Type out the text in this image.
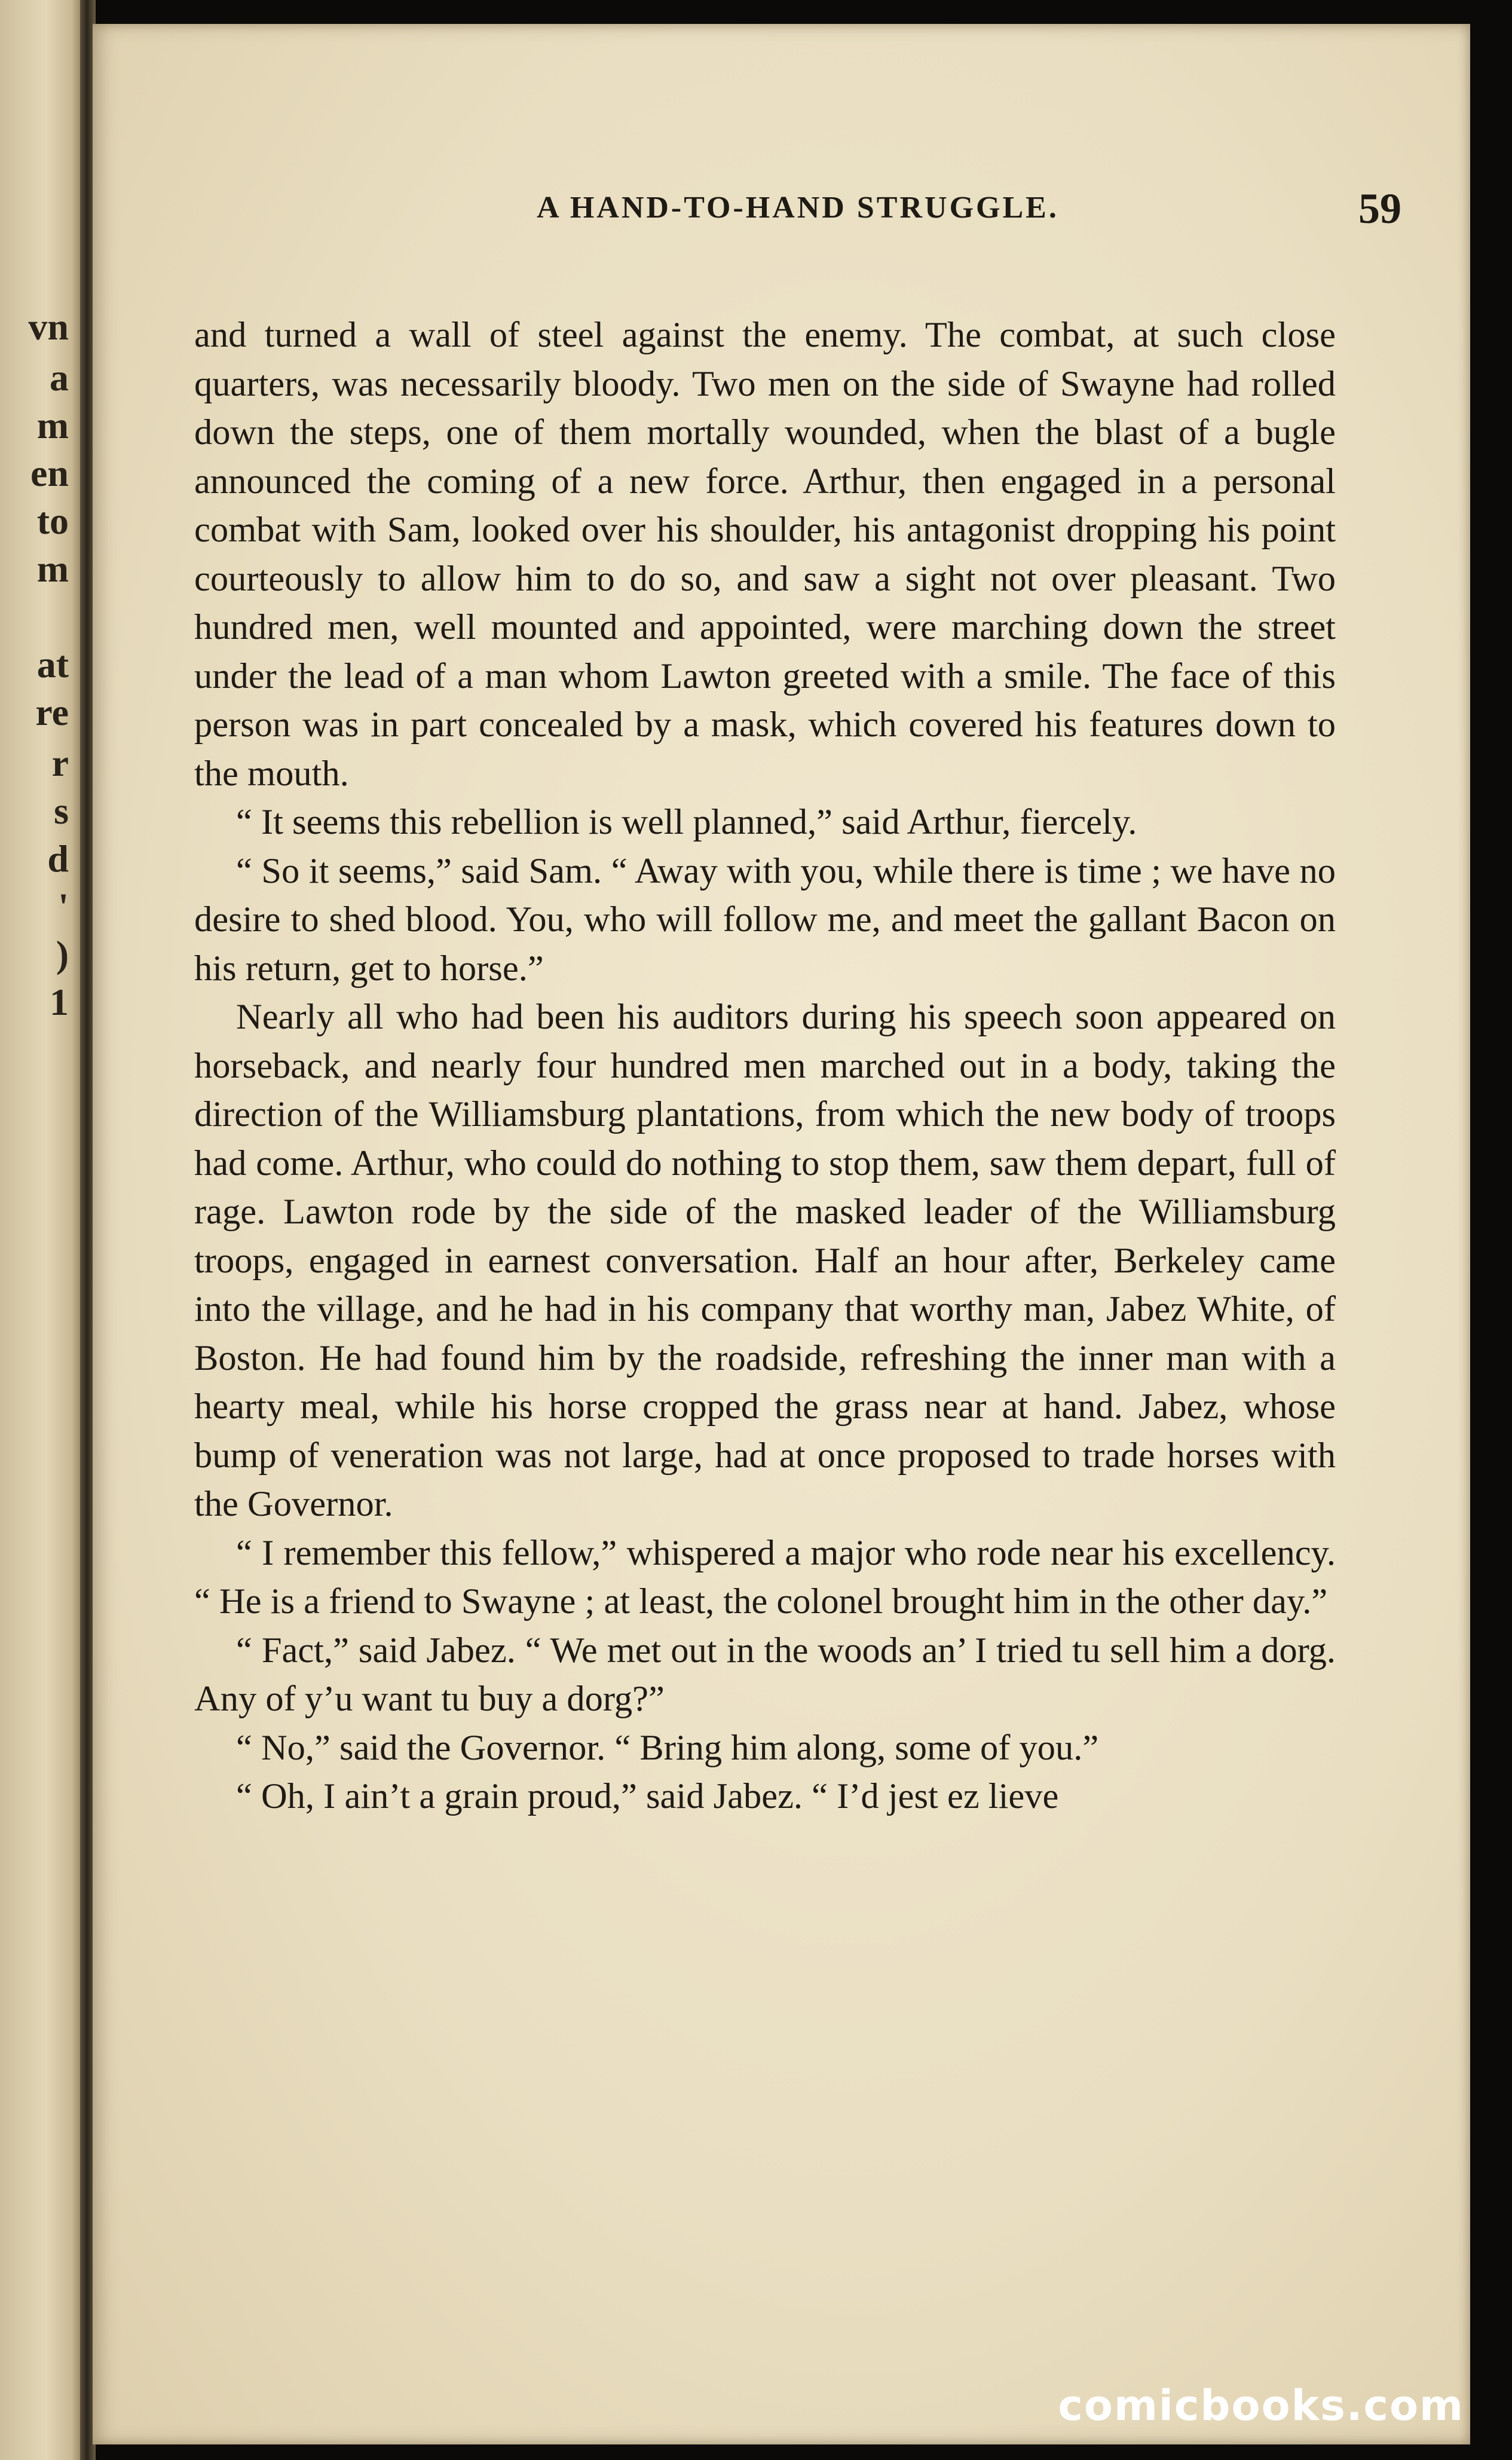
vn
a
m
en
to
m
at
re
r
s
d
'
)
1
A HAND-TO-HAND STRUGGLE.	59

and turned a wall of steel against the enemy. The combat, at such close quarters, was necessarily bloody. Two men on the side of Swayne had rolled down the steps, one of them mortally wounded, when the blast of a bugle announced the coming of a new force. Arthur, then engaged in a personal combat with Sam, looked over his shoulder, his antagonist dropping his point courteously to allow him to do so, and saw a sight not over pleasant. Two hundred men, well mounted and appointed, were marching down the street under the lead of a man whom Lawton greeted with a smile. The face of this person was in part concealed by a mask, which covered his features down to the mouth.

“ It seems this rebellion is well planned,” said Arthur, fiercely.

“ So it seems,” said Sam. “ Away with you, while there is time ; we have no desire to shed blood. You, who will follow me, and meet the gallant Bacon on his return, get to horse.”

Nearly all who had been his auditors during his speech soon appeared on horseback, and nearly four hundred men marched out in a body, taking the direction of the Williamsburg plantations, from which the new body of troops had come. Arthur, who could do nothing to stop them, saw them depart, full of rage. Lawton rode by the side of the masked leader of the Williamsburg troops, engaged in earnest conversation. Half an hour after, Berkeley came into the village, and he had in his company that worthy man, Jabez White, of Boston. He had found him by the roadside, refreshing the inner man with a hearty meal, while his horse cropped the grass near at hand. Jabez, whose bump of veneration was not large, had at once proposed to trade horses with the Governor.

“ I remember this fellow,” whispered a major who rode near his excellency. “ He is a friend to Swayne ; at least, the colonel brought him in the other day.”

“ Fact,” said Jabez. “ We met out in the woods an’ I tried tu sell him a dorg. Any of y’u want tu buy a dorg?”

“ No,” said the Governor. “ Bring him along, some of you.”

“ Oh, I ain’t a grain proud,” said Jabez. “ I’d jest ez lieve

comicbooks.com
